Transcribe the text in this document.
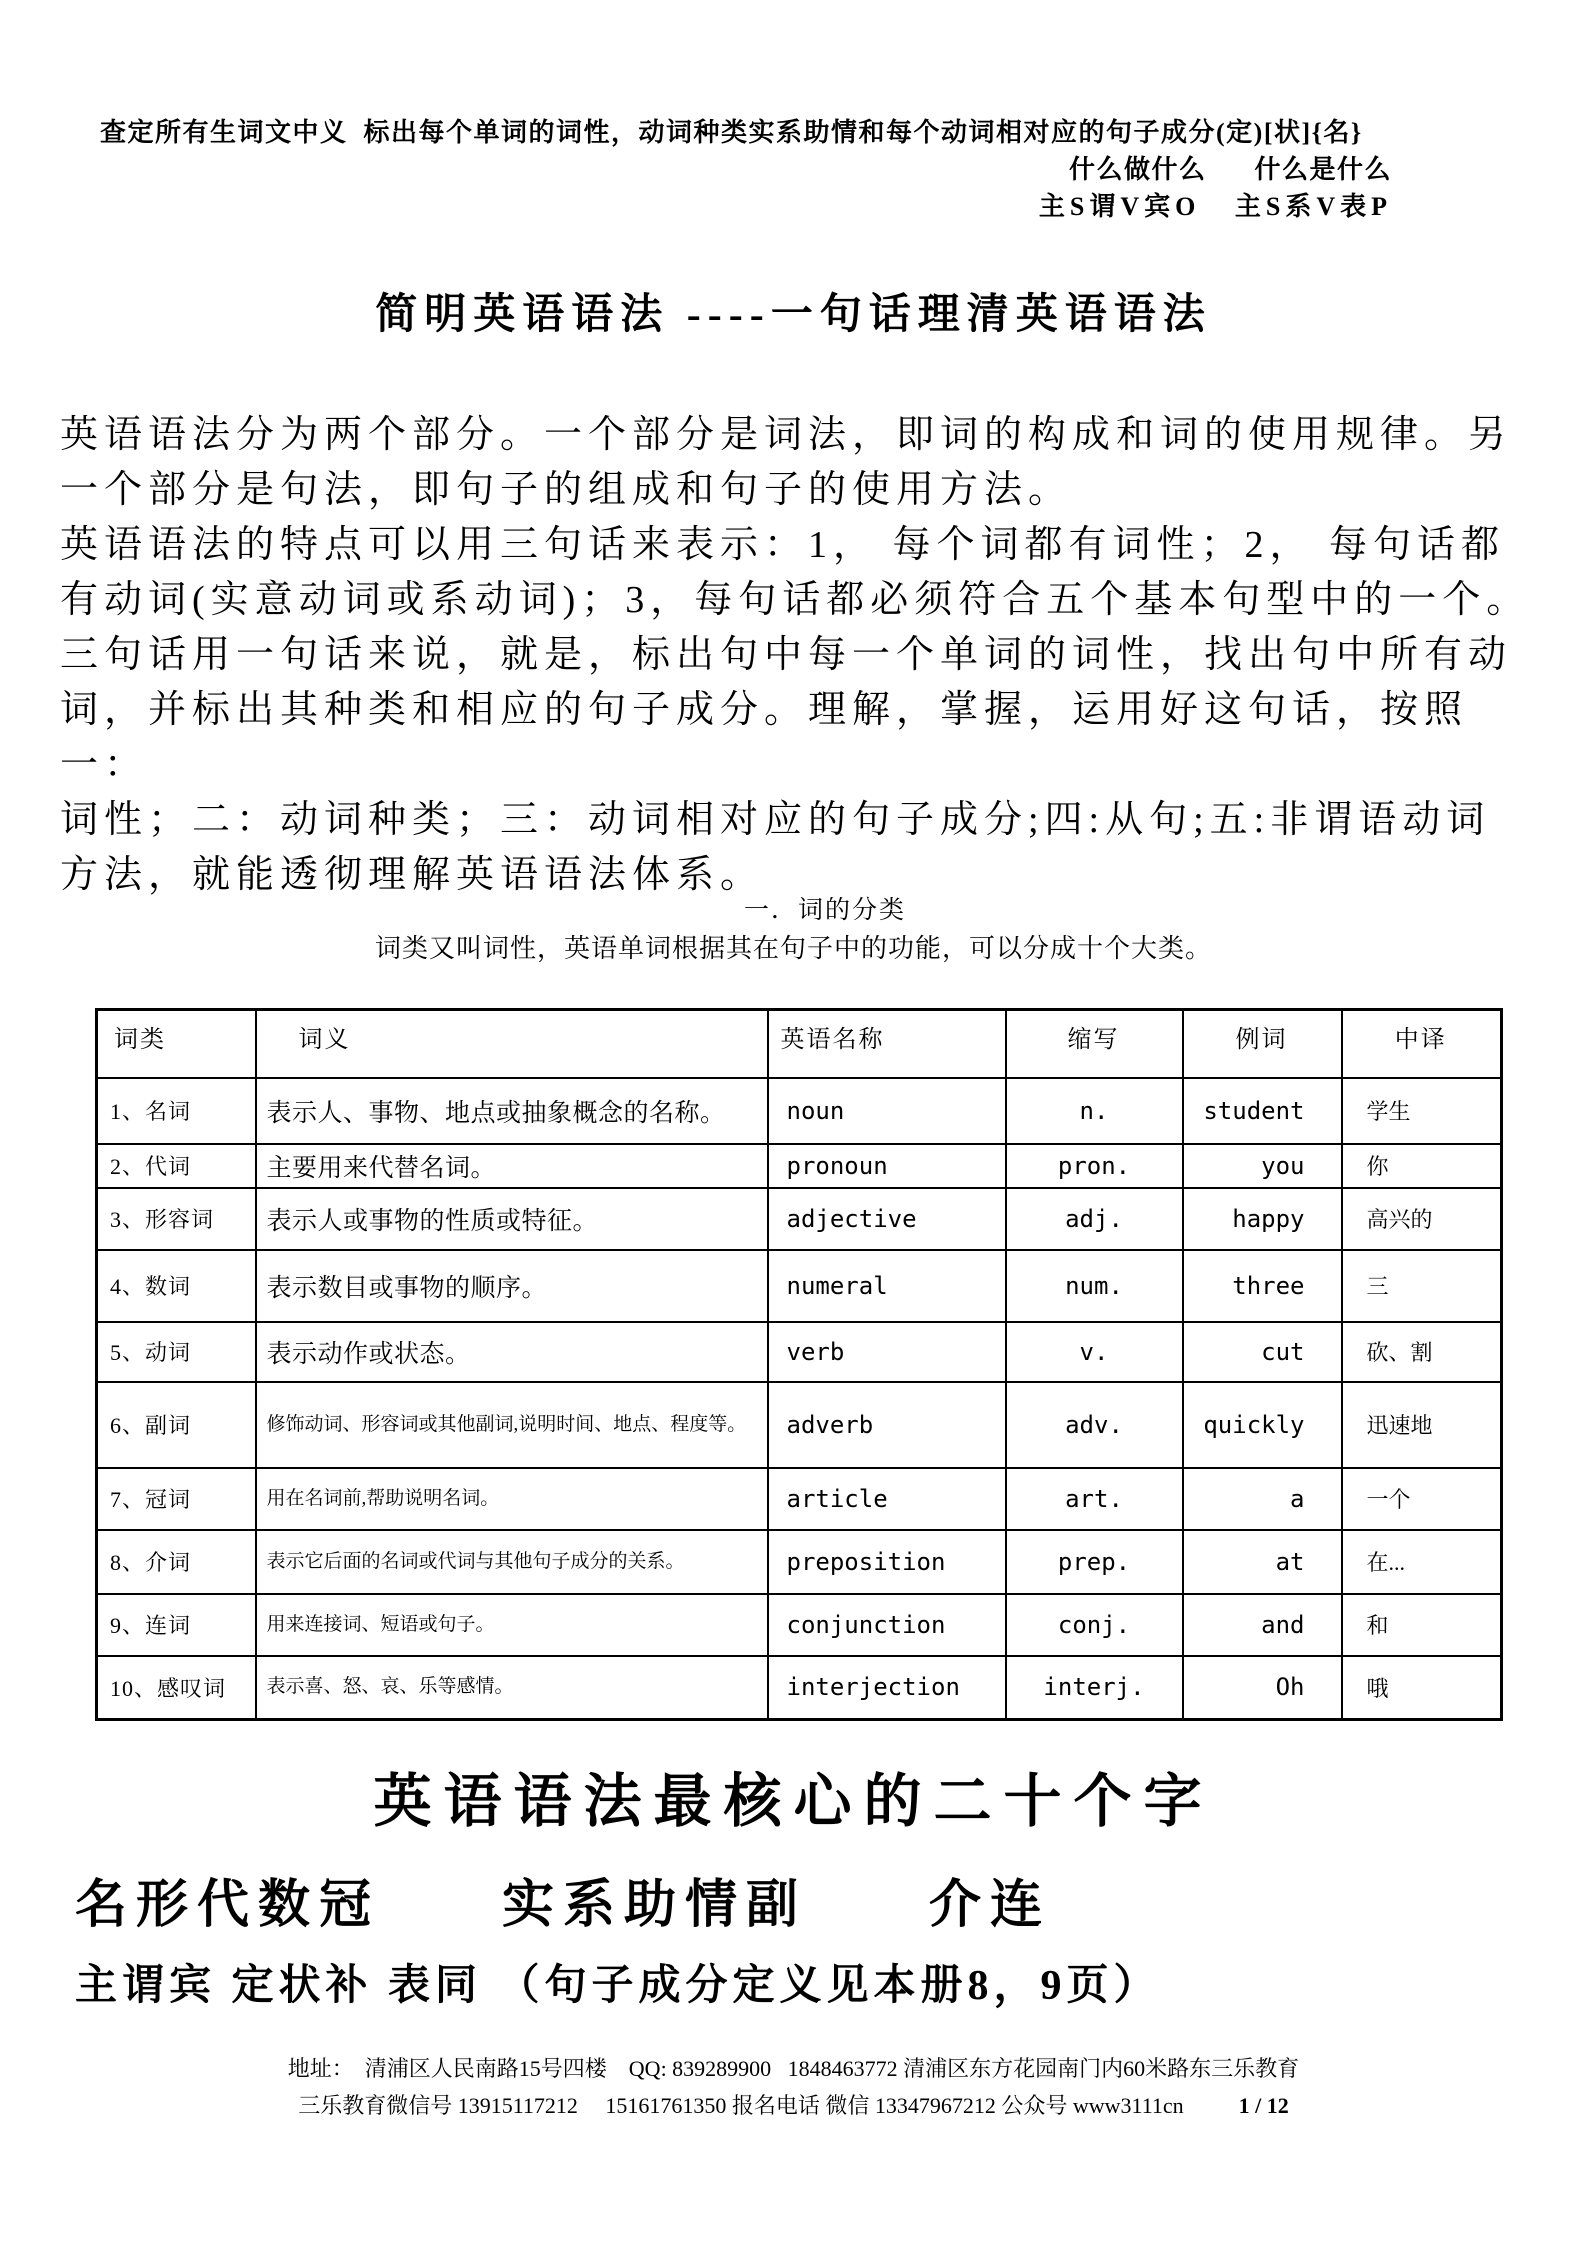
查定所有生词文中义  标出每个单词的词性，动词种类实系助情和每个动词相对应的句子成分(定)[状]{名}
什么做什么      什么是什么
主S谓V宾O   主S系V表P
简明英语语法 ----一句话理清英语语法
英语语法分为两个部分。一个部分是词法，即词的构成和词的使用规律。另
一个部分是句法，即句子的组成和句子的使用方法。
英语语法的特点可以用三句话来表示：1， 每个词都有词性；2， 每句话都
有动词(实意动词或系动词)；3，每句话都必须符合五个基本句型中的一个。
三句话用一句话来说，就是，标出句中每一个单词的词性，找出句中所有动
词，并标出其种类和相应的句子成分。理解，掌握，运用好这句话，按照一：
词性；二：动词种类；三：动词相对应的句子成分;四:从句;五:非谓语动词
方法，就能透彻理解英语语法体系。
一．词的分类
词类又叫词性，英语单词根据其在句子中的功能，可以分成十个大类。
词类	词义	英语名称	缩写	例词	中译
1、名词	表示人、事物、地点或抽象概念的名称。	noun	n.	student	学生
2、代词	主要用来代替名词。	pronoun	pron.	you	你
3、形容词	表示人或事物的性质或特征。	adjective	adj.	happy	高兴的
4、数词	表示数目或事物的顺序。	numeral	num.	three	三
5、动词	表示动作或状态。	verb	v.	cut	砍、割
6、副词	修饰动词、形容词或其他副词,说明时间、地点、程度等。	adverb	adv.	quickly	迅速地
7、冠词	用在名词前,帮助说明名词。	article	art.	a	一个
8、介词	表示它后面的名词或代词与其他句子成分的关系。	preposition	prep.	at	在...
9、连词	用来连接词、短语或句子。	conjunction	conj.	and	和
10、感叹词	表示喜、怒、哀、乐等感情。	interjection	interj.	Oh	哦
英语语法最核心的二十个字
名形代数冠　　实系助情副　　介连
主谓宾 定状补 表同 （句子成分定义见本册8，9页）
地址：  清浦区人民南路15号四楼    QQ: 839289900   1848463772 清浦区东方花园南门内60米路东三乐教育
三乐教育微信号 13915117212     15161761350 报名电话 微信 13347967212 公众号 www3111cn	1 / 12
